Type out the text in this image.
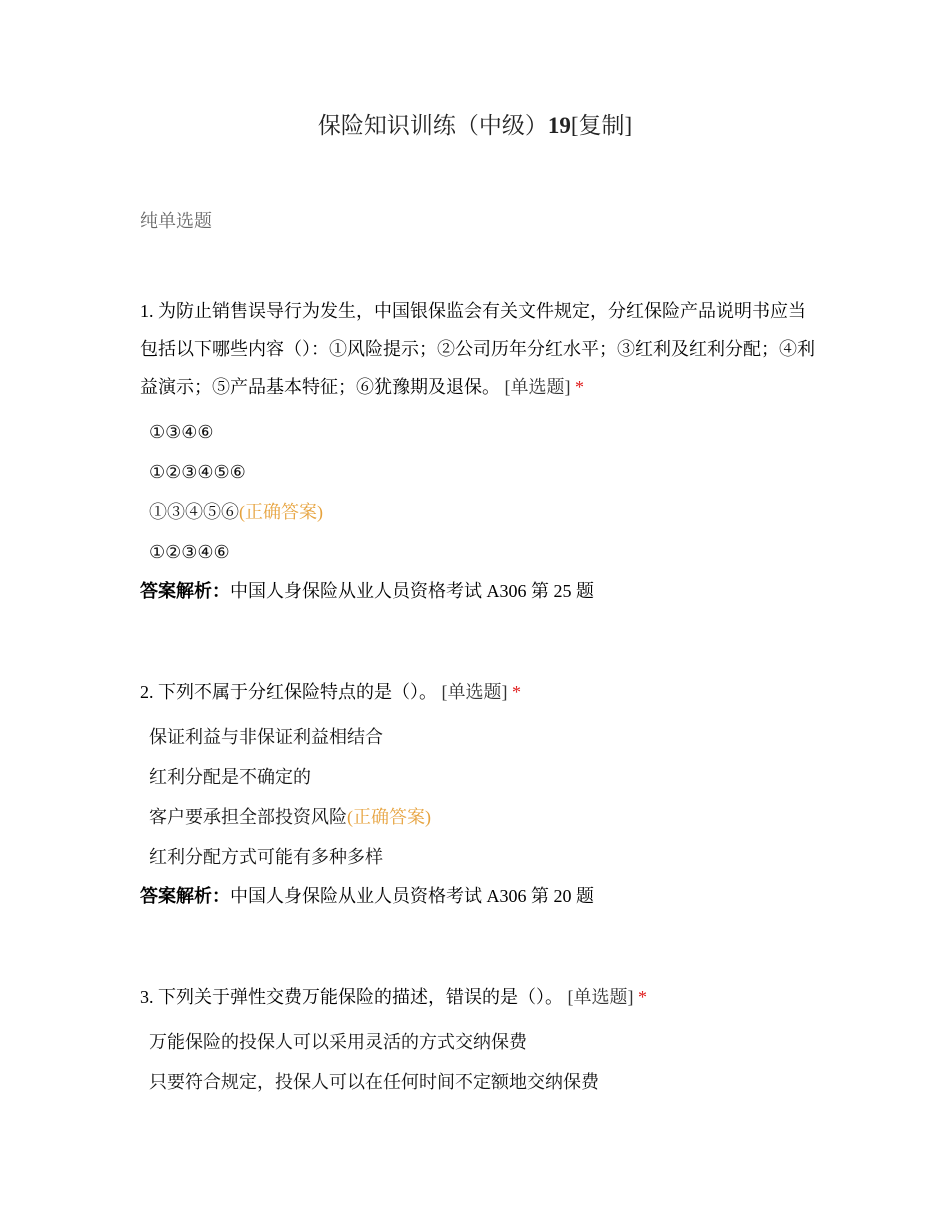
保险知识训练（中级）19[复制]
纯单选题

1. 为防止销售误导行为发生，中国银保监会有关文件规定，分红保险产品说明书应当包括以下哪些内容（）：①风险提示；②公司历年分红水平；③红利及红利分配；④利益演示；⑤产品基本特征；⑥犹豫期及退保。 [单选题] *

①③④⑥
①②③④⑤⑥
①③④⑤⑥(正确答案)
①②③④⑥

答案解析：中国人身保险从业人员资格考试 A306 第 25 题

2. 下列不属于分红保险特点的是（）。 [单选题] *

保证利益与非保证利益相结合
红利分配是不确定的
客户要承担全部投资风险(正确答案)
红利分配方式可能有多种多样

答案解析：中国人身保险从业人员资格考试 A306 第 20 题

3. 下列关于弹性交费万能保险的描述，错误的是（）。 [单选题] *

万能保险的投保人可以采用灵活的方式交纳保费
只要符合规定，投保人可以在任何时间不定额地交纳保费
